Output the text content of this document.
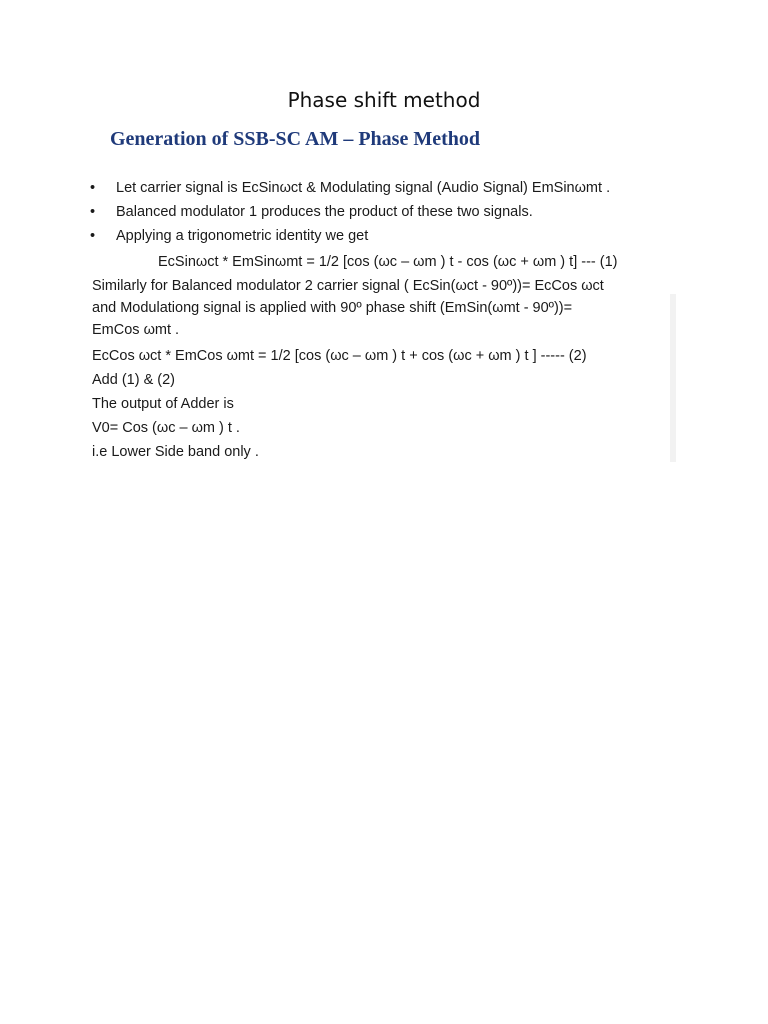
Phase shift method
Generation of SSB-SC AM – Phase Method
• Let carrier signal is EcSinωct & Modulating signal (Audio Signal) EmSinωmt .
• Balanced modulator 1 produces the product of these two signals.
• Applying a trigonometric identity we get
EcSinωct * EmSinωmt = 1/2 [cos (ωc – ωm ) t - cos (ωc + ωm ) t] --- (1)
Similarly for Balanced modulator 2 carrier signal ( EcSin(ωct - 90º))= EcCos ωct
and Modulationg signal is applied with 90º phase shift (EmSin(ωmt - 90º))=
EmCos ωmt .
EcCos ωct * EmCos ωmt = 1/2 [cos (ωc – ωm ) t + cos (ωc + ωm ) t ] ----- (2)
Add (1) & (2)
The output of Adder is
V0= Cos (ωc – ωm ) t .
i.e Lower Side band only .
